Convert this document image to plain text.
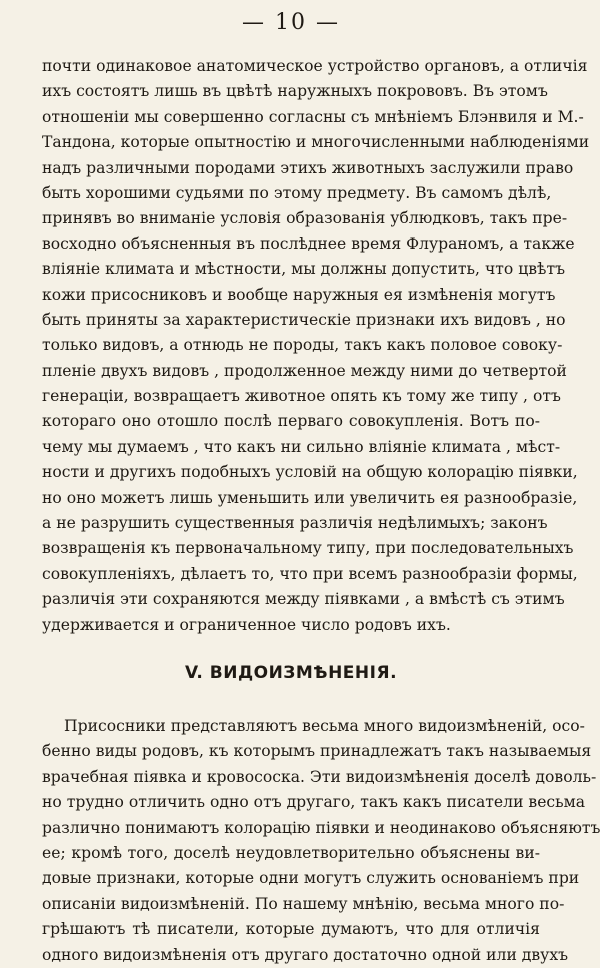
— 10 —
почти одинаковое анатомическое устройство органовъ, а отличія
ихъ состоятъ лишь въ цвѣтѣ наружныхъ покрововъ. Въ этомъ
отношеніи мы совершенно согласны съ мнѣніемъ Блэнвиля и М.-
Тандона, которые опытностію и многочисленными наблюденіями
надъ различными породами этихъ животныхъ заслужили право
быть хорошими судьями по этому предмету. Въ самомъ дѣлѣ,
принявъ во вниманіе условія образованія ублюдковъ, такъ пре-
восходно объясненныя въ послѣднее время Флураномъ, а также
вліяніе климата и мѣстности, мы должны допустить, что цвѣтъ
кожи присосниковъ и вообще наружныя ея измѣненія могутъ
быть приняты за характеристическіе признаки ихъ видовъ , но
только видовъ, а отнюдь не породы, такъ какъ половое совоку-
пленіе двухъ видовъ , продолженное между ними до четвертой
генераціи, возвращаетъ животное опять къ тому же типу , отъ
котораго оно отошло послѣ перваго совокупленія. Вотъ по-
чему мы думаемъ , что какъ ни сильно вліяніе климата , мѣст-
ности и другихъ подобныхъ условій на общую колорацію піявки,
но оно можетъ лишь уменьшить или увеличить ея разнообразіе,
а не разрушить существенныя различія недѣлимыхъ; законъ
возвращенія къ первоначальному типу, при последовательныхъ
совокупленіяхъ, дѣлаетъ то, что при всемъ разнообразіи формы,
различія эти сохраняются между піявками , а вмѣстѣ съ этимъ
удерживается и ограниченное число родовъ ихъ.
V. ВИДОИЗМѢНЕНІЯ.
Присосники представляютъ весьма много видоизмѣненій, осо-
бенно виды родовъ, къ которымъ принадлежатъ такъ называемыя
врачебная піявка и кровососка. Эти видоизмѣненія доселѣ доволь-
но трудно отличить одно отъ другаго, такъ какъ писатели весьма
различно понимаютъ колорацію піявки и неодинаково объясняютъ
ее; кромѣ того, доселѣ неудовлетворительно объяснены ви-
довые признаки, которые одни могутъ служить основаніемъ при
описаніи видоизмѣненій. По нашему мнѣнію, весьма много по-
грѣшаютъ тѣ писатели, которые думаютъ, что для отличія
одного видоизмѣненія отъ другаго достаточно одной или двухъ
